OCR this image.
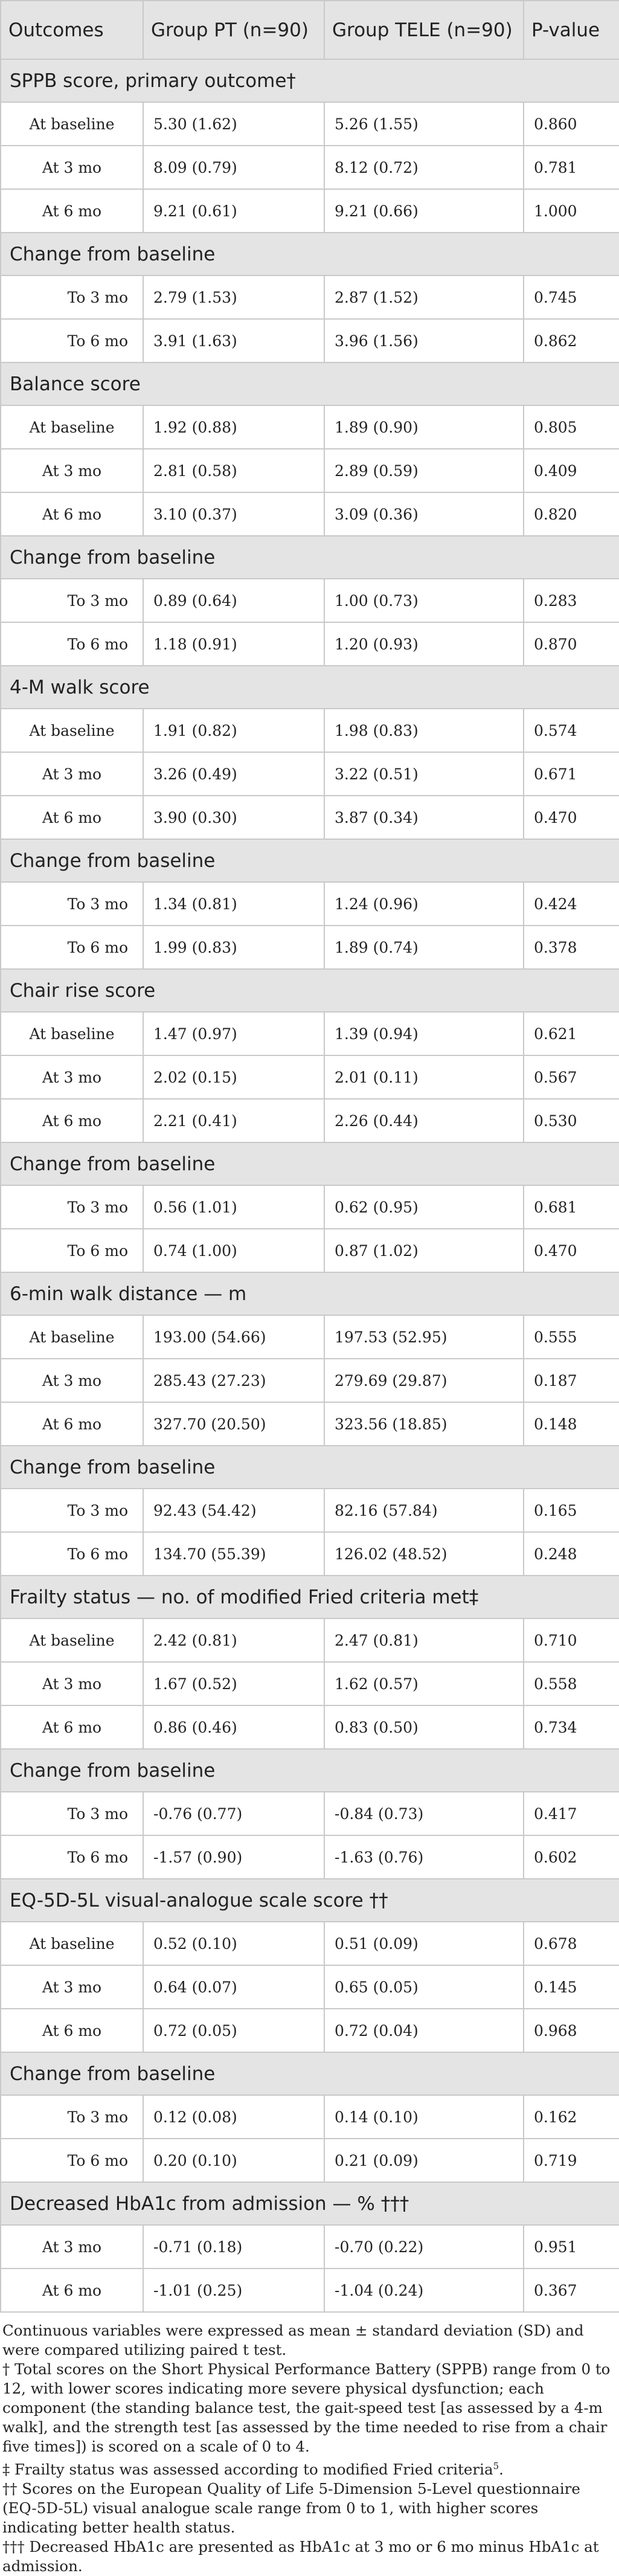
Outcomes	Group PT (n=90)	Group TELE (n=90)	P-value
SPPB score, primary outcome†			
At baseline	5.30 (1.62)	5.26 (1.55)	0.860
At 3 mo	8.09 (0.79)	8.12 (0.72)	0.781
At 6 mo	9.21 (0.61)	9.21 (0.66)	1.000
Change from baseline			
To 3 mo	2.79 (1.53)	2.87 (1.52)	0.745
To 6 mo	3.91 (1.63)	3.96 (1.56)	0.862
Balance score			
At baseline	1.92 (0.88)	1.89 (0.90)	0.805
At 3 mo	2.81 (0.58)	2.89 (0.59)	0.409
At 6 mo	3.10 (0.37)	3.09 (0.36)	0.820
Change from baseline			
To 3 mo	0.89 (0.64)	1.00 (0.73)	0.283
To 6 mo	1.18 (0.91)	1.20 (0.93)	0.870
4-M walk score			
At baseline	1.91 (0.82)	1.98 (0.83)	0.574
At 3 mo	3.26 (0.49)	3.22 (0.51)	0.671
At 6 mo	3.90 (0.30)	3.87 (0.34)	0.470
Change from baseline			
To 3 mo	1.34 (0.81)	1.24 (0.96)	0.424
To 6 mo	1.99 (0.83)	1.89 (0.74)	0.378
Chair rise score			
At baseline	1.47 (0.97)	1.39 (0.94)	0.621
At 3 mo	2.02 (0.15)	2.01 (0.11)	0.567
At 6 mo	2.21 (0.41)	2.26 (0.44)	0.530
Change from baseline			
To 3 mo	0.56 (1.01)	0.62 (0.95)	0.681
To 6 mo	0.74 (1.00)	0.87 (1.02)	0.470
6-min walk distance — m			
At baseline	193.00 (54.66)	197.53 (52.95)	0.555
At 3 mo	285.43 (27.23)	279.69 (29.87)	0.187
At 6 mo	327.70 (20.50)	323.56 (18.85)	0.148
Change from baseline			
To 3 mo	92.43 (54.42)	82.16 (57.84)	0.165
To 6 mo	134.70 (55.39)	126.02 (48.52)	0.248
Frailty status — no. of modified Fried criteria met‡			
At baseline	2.42 (0.81)	2.47 (0.81)	0.710
At 3 mo	1.67 (0.52)	1.62 (0.57)	0.558
At 6 mo	0.86 (0.46)	0.83 (0.50)	0.734
Change from baseline			
To 3 mo	-0.76 (0.77)	-0.84 (0.73)	0.417
To 6 mo	-1.57 (0.90)	-1.63 (0.76)	0.602
EQ-5D-5L visual-analogue scale score ††			
At baseline	0.52 (0.10)	0.51 (0.09)	0.678
At 3 mo	0.64 (0.07)	0.65 (0.05)	0.145
At 6 mo	0.72 (0.05)	0.72 (0.04)	0.968
Change from baseline			
To 3 mo	0.12 (0.08)	0.14 (0.10)	0.162
To 6 mo	0.20 (0.10)	0.21 (0.09)	0.719
Decreased HbA1c from admission — % †††			
At 3 mo	-0.71 (0.18)	-0.70 (0.22)	0.951
At 6 mo	-1.01 (0.25)	-1.04 (0.24)	0.367

Continuous variables were expressed as mean ± standard deviation (SD) and were compared utilizing paired t test.

† Total scores on the Short Physical Performance Battery (SPPB) range from 0 to 12, with lower scores indicating more severe physical dysfunction; each component (the standing balance test, the gait-speed test [as assessed by a 4-m walk], and the strength test [as assessed by the time needed to rise from a chair five times]) is scored on a scale of 0 to 4.

‡ Frailty status was assessed according to modified Fried criteria$^5$.

†† Scores on the European Quality of Life 5-Dimension 5-Level questionnaire (EQ-5D-5L) visual analogue scale range from 0 to 1, with higher scores indicating better health status.

††† Decreased HbA1c are presented as HbA1c at 3 mo or 6 mo minus HbA1c at admission.
